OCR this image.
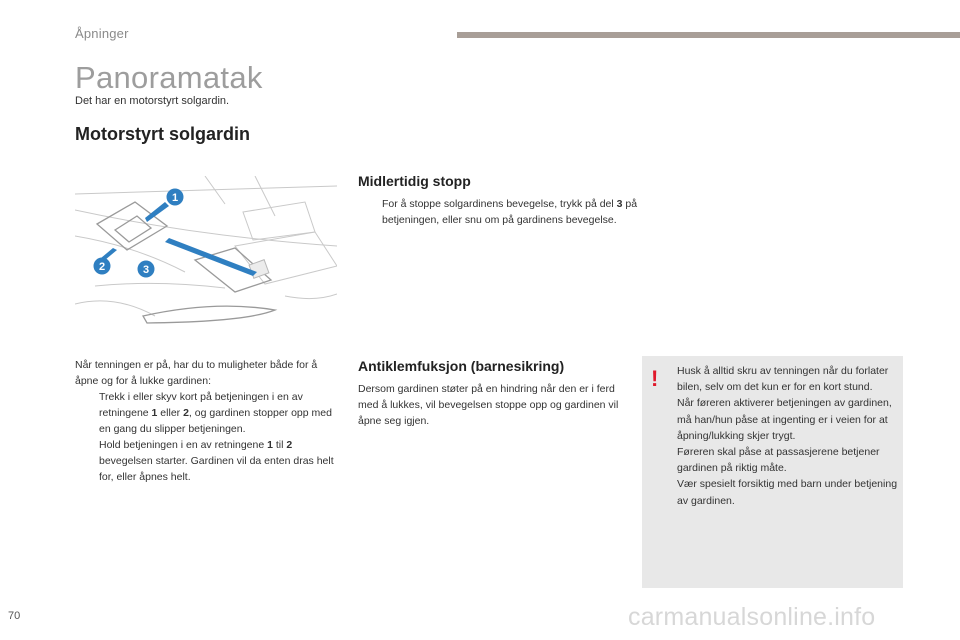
Åpninger
Panoramatak
Det har en motorstyrt solgardin.
Motorstyrt solgardin
1
2	3
Midlertidig stopp
For å stoppe solgardinens bevegelse, trykk på del 3 på betjeningen, eller snu om på gardinens bevegelse.
Når tenningen er på, har du to muligheter både for å åpne og for å lukke gardinen:
Trekk i eller skyv kort på betjeningen i en av retningene 1 eller 2, og gardinen stopper opp med en gang du slipper betjeningen.
Hold betjeningen i en av retningene 1 til 2 bevegelsen starter. Gardinen vil da enten dras helt for, eller åpnes helt.
Antiklemfuksjon (barnesikring)
Dersom gardinen støter på en hindring når den er i ferd med å lukkes, vil bevegelsen stoppe opp og gardinen vil åpne seg igjen.
! Husk å alltid skru av tenningen når du forlater bilen, selv om det kun er for en kort stund.
Når føreren aktiverer betjeningen av gardinen, må han/hun påse at ingenting er i veien for at åpning/lukking skjer trygt.
Føreren skal påse at passasjerene betjener gardinen på riktig måte.
Vær spesielt forsiktig med barn under betjening av gardinen.
70	carmanualsonline.info
